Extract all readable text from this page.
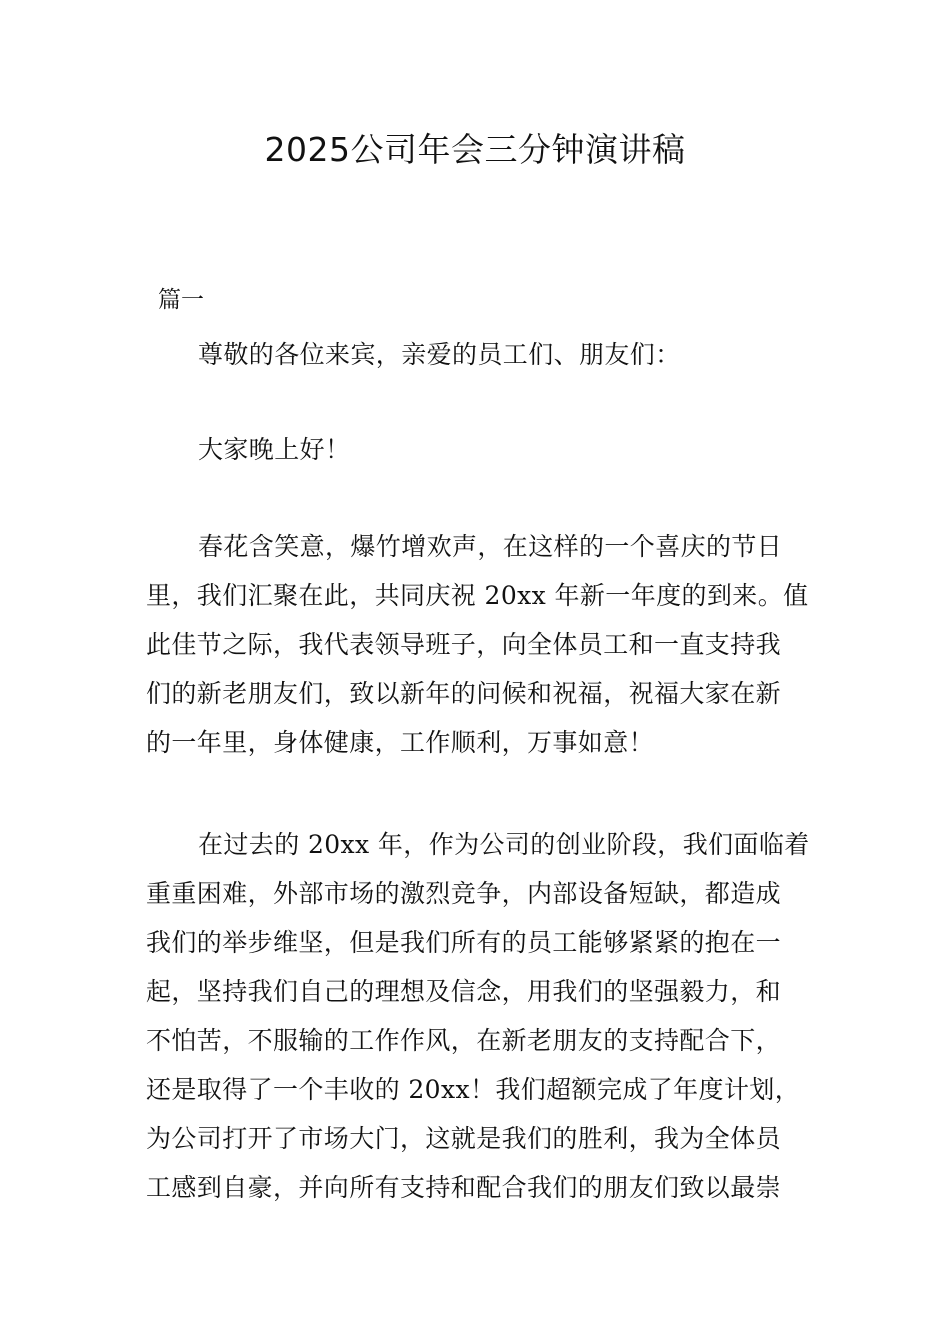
2025公司年会三分钟演讲稿
篇一
尊敬的各位来宾，亲爱的员工们、朋友们：
大家晚上好！
春花含笑意，爆竹增欢声，在这样的一个喜庆的节日
里，我们汇聚在此，共同庆祝 20xx 年新一年度的到来。值
此佳节之际，我代表领导班子，向全体员工和一直支持我
们的新老朋友们，致以新年的问候和祝福，祝福大家在新
的一年里，身体健康，工作顺利，万事如意！
在过去的 20xx 年，作为公司的创业阶段，我们面临着
重重困难，外部市场的激烈竞争，内部设备短缺，都造成
我们的举步维坚，但是我们所有的员工能够紧紧的抱在一
起，坚持我们自己的理想及信念，用我们的坚强毅力，和
不怕苦，不服输的工作作风，在新老朋友的支持配合下，
还是取得了一个丰收的 20xx！我们超额完成了年度计划，
为公司打开了市场大门，这就是我们的胜利，我为全体员
工感到自豪，并向所有支持和配合我们的朋友们致以最崇
